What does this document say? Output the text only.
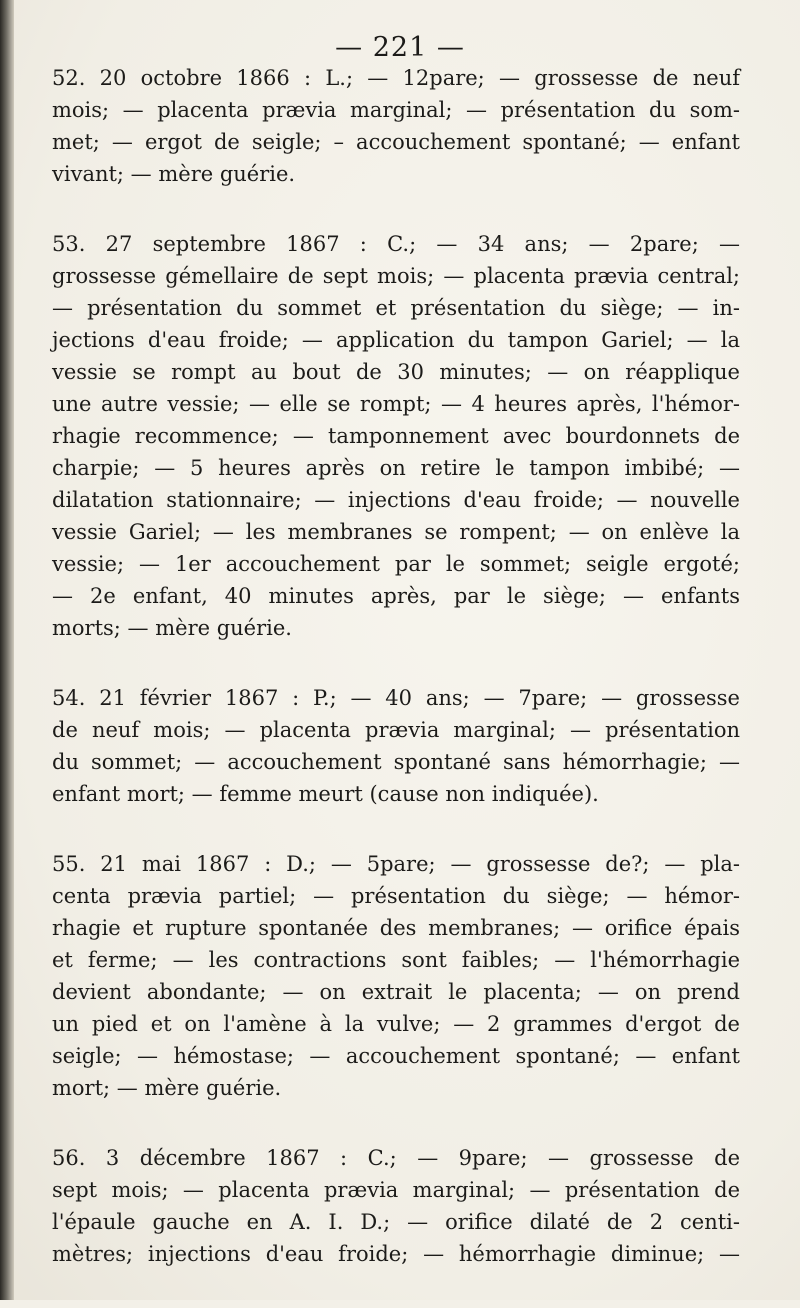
— 221 —
52. 20 octobre 1866 : L.; — 12pare; — grossesse de neuf
mois; — placenta prævia marginal; — présentation du som-
met; — ergot de seigle; – accouchement spontané; — enfant
vivant; — mère guérie.
53. 27 septembre 1867 : C.; — 34 ans; — 2pare; —
grossesse gémellaire de sept mois; — placenta prævia central;
— présentation du sommet et présentation du siège; — in-
jections d'eau froide; — application du tampon Gariel; — la
vessie se rompt au bout de 30 minutes; — on réapplique
une autre vessie; — elle se rompt; — 4 heures après, l'hémor-
rhagie recommence; — tamponnement avec bourdonnets de
charpie; — 5 heures après on retire le tampon imbibé; —
dilatation stationnaire; — injections d'eau froide; — nouvelle
vessie Gariel; — les membranes se rompent; — on enlève la
vessie; — 1er accouchement par le sommet; seigle ergoté;
— 2e enfant, 40 minutes après, par le siège; — enfants
morts; — mère guérie.
54. 21 février 1867 : P.; — 40 ans; — 7pare; — grossesse
de neuf mois; — placenta prævia marginal; — présentation
du sommet; — accouchement spontané sans hémorrhagie; —
enfant mort; — femme meurt (cause non indiquée).
55. 21 mai 1867 : D.; — 5pare; — grossesse de?; — pla-
centa prævia partiel; — présentation du siège; — hémor-
rhagie et rupture spontanée des membranes; — orifice épais
et ferme; — les contractions sont faibles; — l'hémorrhagie
devient abondante; — on extrait le placenta; — on prend
un pied et on l'amène à la vulve; — 2 grammes d'ergot de
seigle; — hémostase; — accouchement spontané; — enfant
mort; — mère guérie.
56. 3 décembre 1867 : C.; — 9pare; — grossesse de
sept mois; — placenta prævia marginal; — présentation de
l'épaule gauche en A. I. D.; — orifice dilaté de 2 centi-
mètres; injections d'eau froide; — hémorrhagie diminue; —
